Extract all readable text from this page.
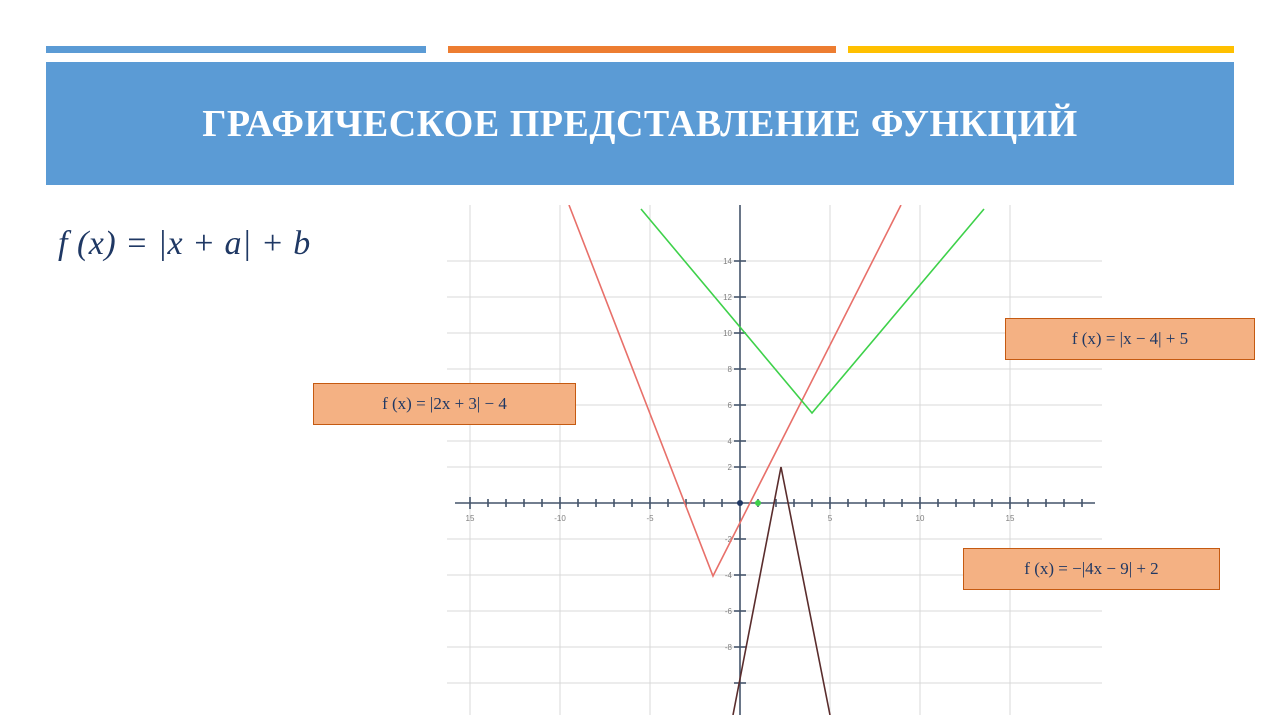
ГРАФИЧЕСКОЕ ПРЕДСТАВЛЕНИЕ ФУНКЦИЙ
f (x) = |x + a| + b
15	-10	-5	5	10	15
14
12
10
8
6
4
2
-2
-4
-6
-8
f (x) = |2x + 3| − 4
f (x) = |x − 4| + 5
f (x) = −|4x − 9| + 2
